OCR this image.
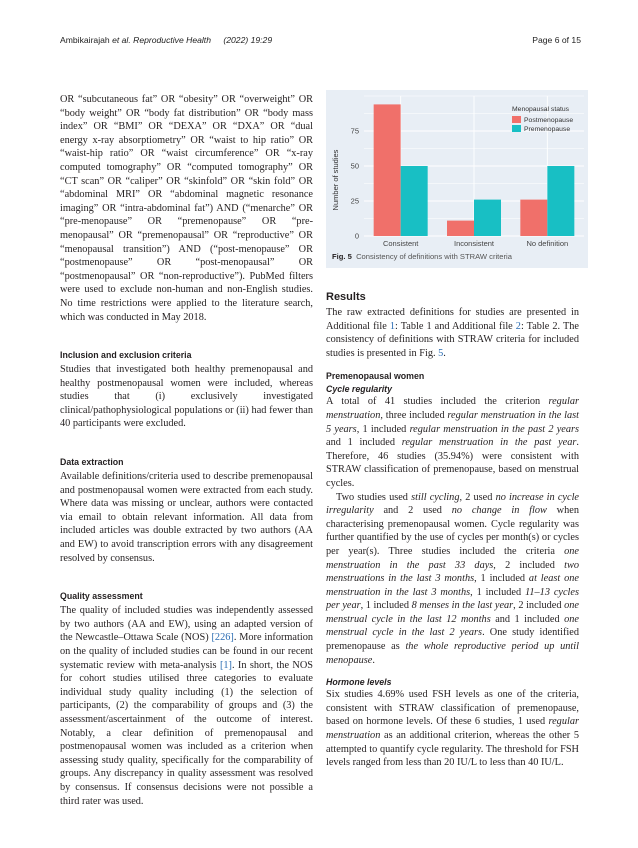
Ambikairajah et al. Reproductive Health (2022) 19:29	Page 6 of 15

OR “subcutaneous fat” OR “obesity” OR “overweight” OR “body weight” OR “body fat distribution” OR “body mass index” OR “BMI” OR “DEXA” OR “DXA” OR “dual energy x-ray absorptiometry” OR “waist to hip ratio” OR “waist-hip ratio” OR “waist circumference” OR “x-ray computed tomography” OR “computed tomography” OR “CT scan” OR “caliper” OR “skinfold” OR “skin fold” OR “abdominal MRI” OR “abdominal magnetic resonance imaging” OR “intra-abdominal fat”) AND (“menarche” OR “pre-menopause” OR “premenopause” OR “pre-menopausal” OR “premenopausal” OR “reproductive” OR “menopausal transition”) AND (“post-menopause” OR “postmenopause” OR “post-menopausal” OR “postmenopausal” OR “non-reproductive”). PubMed filters were used to exclude non-human and non-English studies. No time restrictions were applied to the literature search, which was conducted in May 2018.

Inclusion and exclusion criteria

Studies that investigated both healthy premenopausal and healthy postmenopausal women were included, whereas studies that (i) exclusively investigated clinical/pathophysiological populations or (ii) had fewer than 40 participants were excluded.

Data extraction

Available definitions/criteria used to describe premenopausal and postmenopausal women were extracted from each study. Where data was missing or unclear, authors were contacted via email to obtain relevant information. All data from included articles was double extracted by two authors (AA and EW) to avoid transcription errors with any disagreement resolved by consensus.

Quality assessment

The quality of included studies was independently assessed by two authors (AA and EW), using an adapted version of the Newcastle–Ottawa Scale (NOS) [226]. More information on the quality of included studies can be found in our recent systematic review with meta-analysis [1]. In short, the NOS for cohort studies utilised three categories to evaluate individual study quality including (1) the selection of participants, (2) the comparability of groups and (3) the assessment/ascertainment of the outcome of interest. Notably, a clear definition of premenopausal and postmenopausal women was included as a criterion when assessing study quality, specifically for the comparability of groups. Any discrepancy in quality assessment was resolved by consensus. If consensus decisions were not possible a third rater was used.

0
25
50
75
Consistent	Inconsistent	No definition
Number of studies
Menopausal status
Postmenopause
Premenopause
Fig. 5 Consistency of definitions with STRAW criteria

Results

The raw extracted definitions for studies are presented in Additional file 1: Table 1 and Additional file 2: Table 2. The consistency of definitions with STRAW criteria for included studies is presented in Fig. 5.

Premenopausal women

Cycle regularity

A total of 41 studies included the criterion regular menstruation, three included regular menstruation in the last 5 years, 1 included regular menstruation in the past 2 years and 1 included regular menstruation in the past year. Therefore, 46 studies (35.94%) were consistent with STRAW classification of premenopause, based on menstrual cycles.

Two studies used still cycling, 2 used no increase in cycle irregularity and 2 used no change in flow when characterising premenopausal women. Cycle regularity was further quantified by the use of cycles per month(s) or cycles per year(s). Three studies included the criteria one menstruation in the past 33 days, 2 included two menstruations in the last 3 months, 1 included at least one menstruation in the last 3 months, 1 included 11–13 cycles per year, 1 included 8 menses in the last year, 2 included one menstrual cycle in the last 12 months and 1 included one menstrual cycle in the last 2 years. One study identified premenopause as the whole reproductive period up until menopause.

Hormone levels

Six studies 4.69% used FSH levels as one of the criteria, consistent with STRAW classification of premenopause, based on hormone levels. Of these 6 studies, 1 used regular menstruation as an additional criterion, whereas the other 5 attempted to quantify cycle regularity. The threshold for FSH levels ranged from less than 20 IU/L to less than 40 IU/L.
